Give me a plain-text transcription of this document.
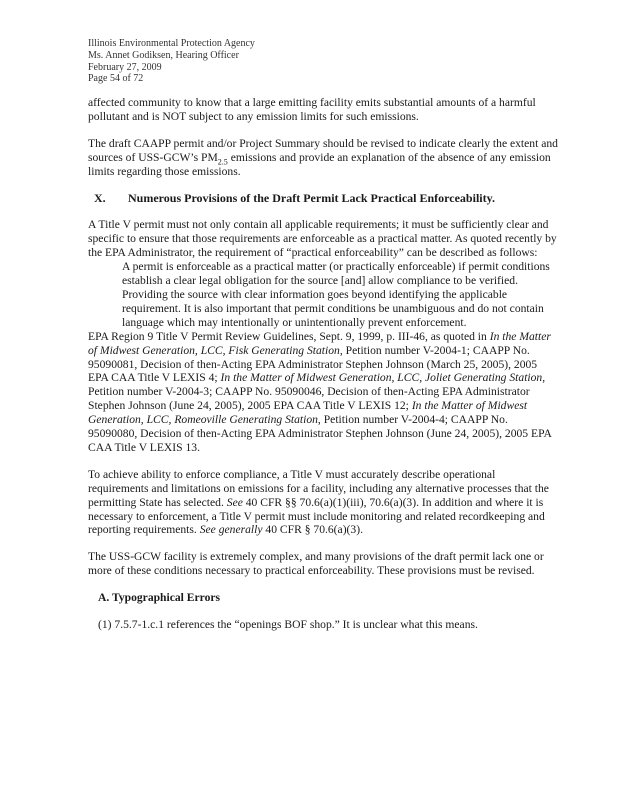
Illinois Environmental Protection Agency
Ms. Annet Godiksen, Hearing Officer
February 27, 2009
Page 54 of 72

affected community to know that a large emitting facility emits substantial amounts of a harmful pollutant and is NOT subject to any emission limits for such emissions.

The draft CAAPP permit and/or Project Summary should be revised to indicate clearly the extent and sources of USS-GCW’s $PM_{2.5}$ emissions and provide an explanation of the absence of any emission limits regarding those emissions.

X. Numerous Provisions of the Draft Permit Lack Practical Enforceability.

A Title V permit must not only contain all applicable requirements; it must be sufficiently clear and specific to ensure that those requirements are enforceable as a practical matter. As quoted recently by the EPA Administrator, the requirement of “practical enforceability” can be described as follows:

A permit is enforceable as a practical matter (or practically enforceable) if permit conditions establish a clear legal obligation for the source [and] allow compliance to be verified. Providing the source with clear information goes beyond identifying the applicable requirement. It is also important that permit conditions be unambiguous and do not contain language which may intentionally or unintentionally prevent enforcement.

EPA Region 9 Title V Permit Review Guidelines, Sept. 9, 1999, p. III-46, as quoted in In the Matter of Midwest Generation, LCC, Fisk Generating Station, Petition number V-2004-1; CAAPP No. 95090081, Decision of then-Acting EPA Administrator Stephen Johnson (March 25, 2005), 2005 EPA CAA Title V LEXIS 4; In the Matter of Midwest Generation, LCC, Joliet Generating Station, Petition number V-2004-3; CAAPP No. 95090046, Decision of then-Acting EPA Administrator Stephen Johnson (June 24, 2005), 2005 EPA CAA Title V LEXIS 12; In the Matter of Midwest Generation, LCC, Romeoville Generating Station, Petition number V-2004-4; CAAPP No. 95090080, Decision of then-Acting EPA Administrator Stephen Johnson (June 24, 2005), 2005 EPA CAA Title V LEXIS 13.

To achieve ability to enforce compliance, a Title V must accurately describe operational requirements and limitations on emissions for a facility, including any alternative processes that the permitting State has selected. See 40 CFR §§ 70.6(a)(1)(iii), 70.6(a)(3). In addition and where it is necessary to enforcement, a Title V permit must include monitoring and related recordkeeping and reporting requirements. See generally 40 CFR § 70.6(a)(3).

The USS-GCW facility is extremely complex, and many provisions of the draft permit lack one or more of these conditions necessary to practical enforceability. These provisions must be revised.

A. Typographical Errors

(1) 7.5.7-1.c.1 references the “openings BOF shop.” It is unclear what this means.
